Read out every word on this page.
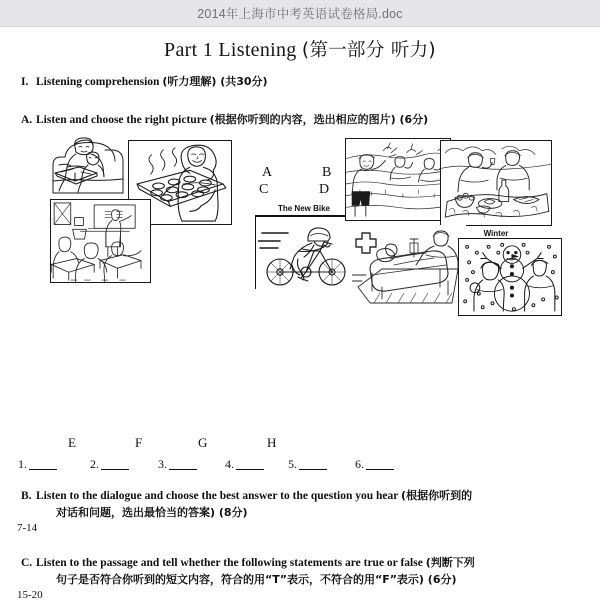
2014年上海市中考英语试卷格局.doc
Part 1 Listening (第一部分 听力)
I. Listening comprehension (听力理解) (共30分)
A. Listen and choose the right picture (根据你听到的内容，选出相应的图片) (6分)
A	B
C	D
The New Bike
Winter
E	F	G	H
1.	2.	3.	4.	5.	6.
B. Listen to the dialogue and choose the best answer to the question you hear (根据你听到的
对话和问题，选出最恰当的答案) (8分)
7-14
C. Listen to the passage and tell whether the following statements are true or false (判断下列
句子是否符合你听到的短文内容，符合的用“T”表示，不符合的用“F”表示) (6分)
15-20
